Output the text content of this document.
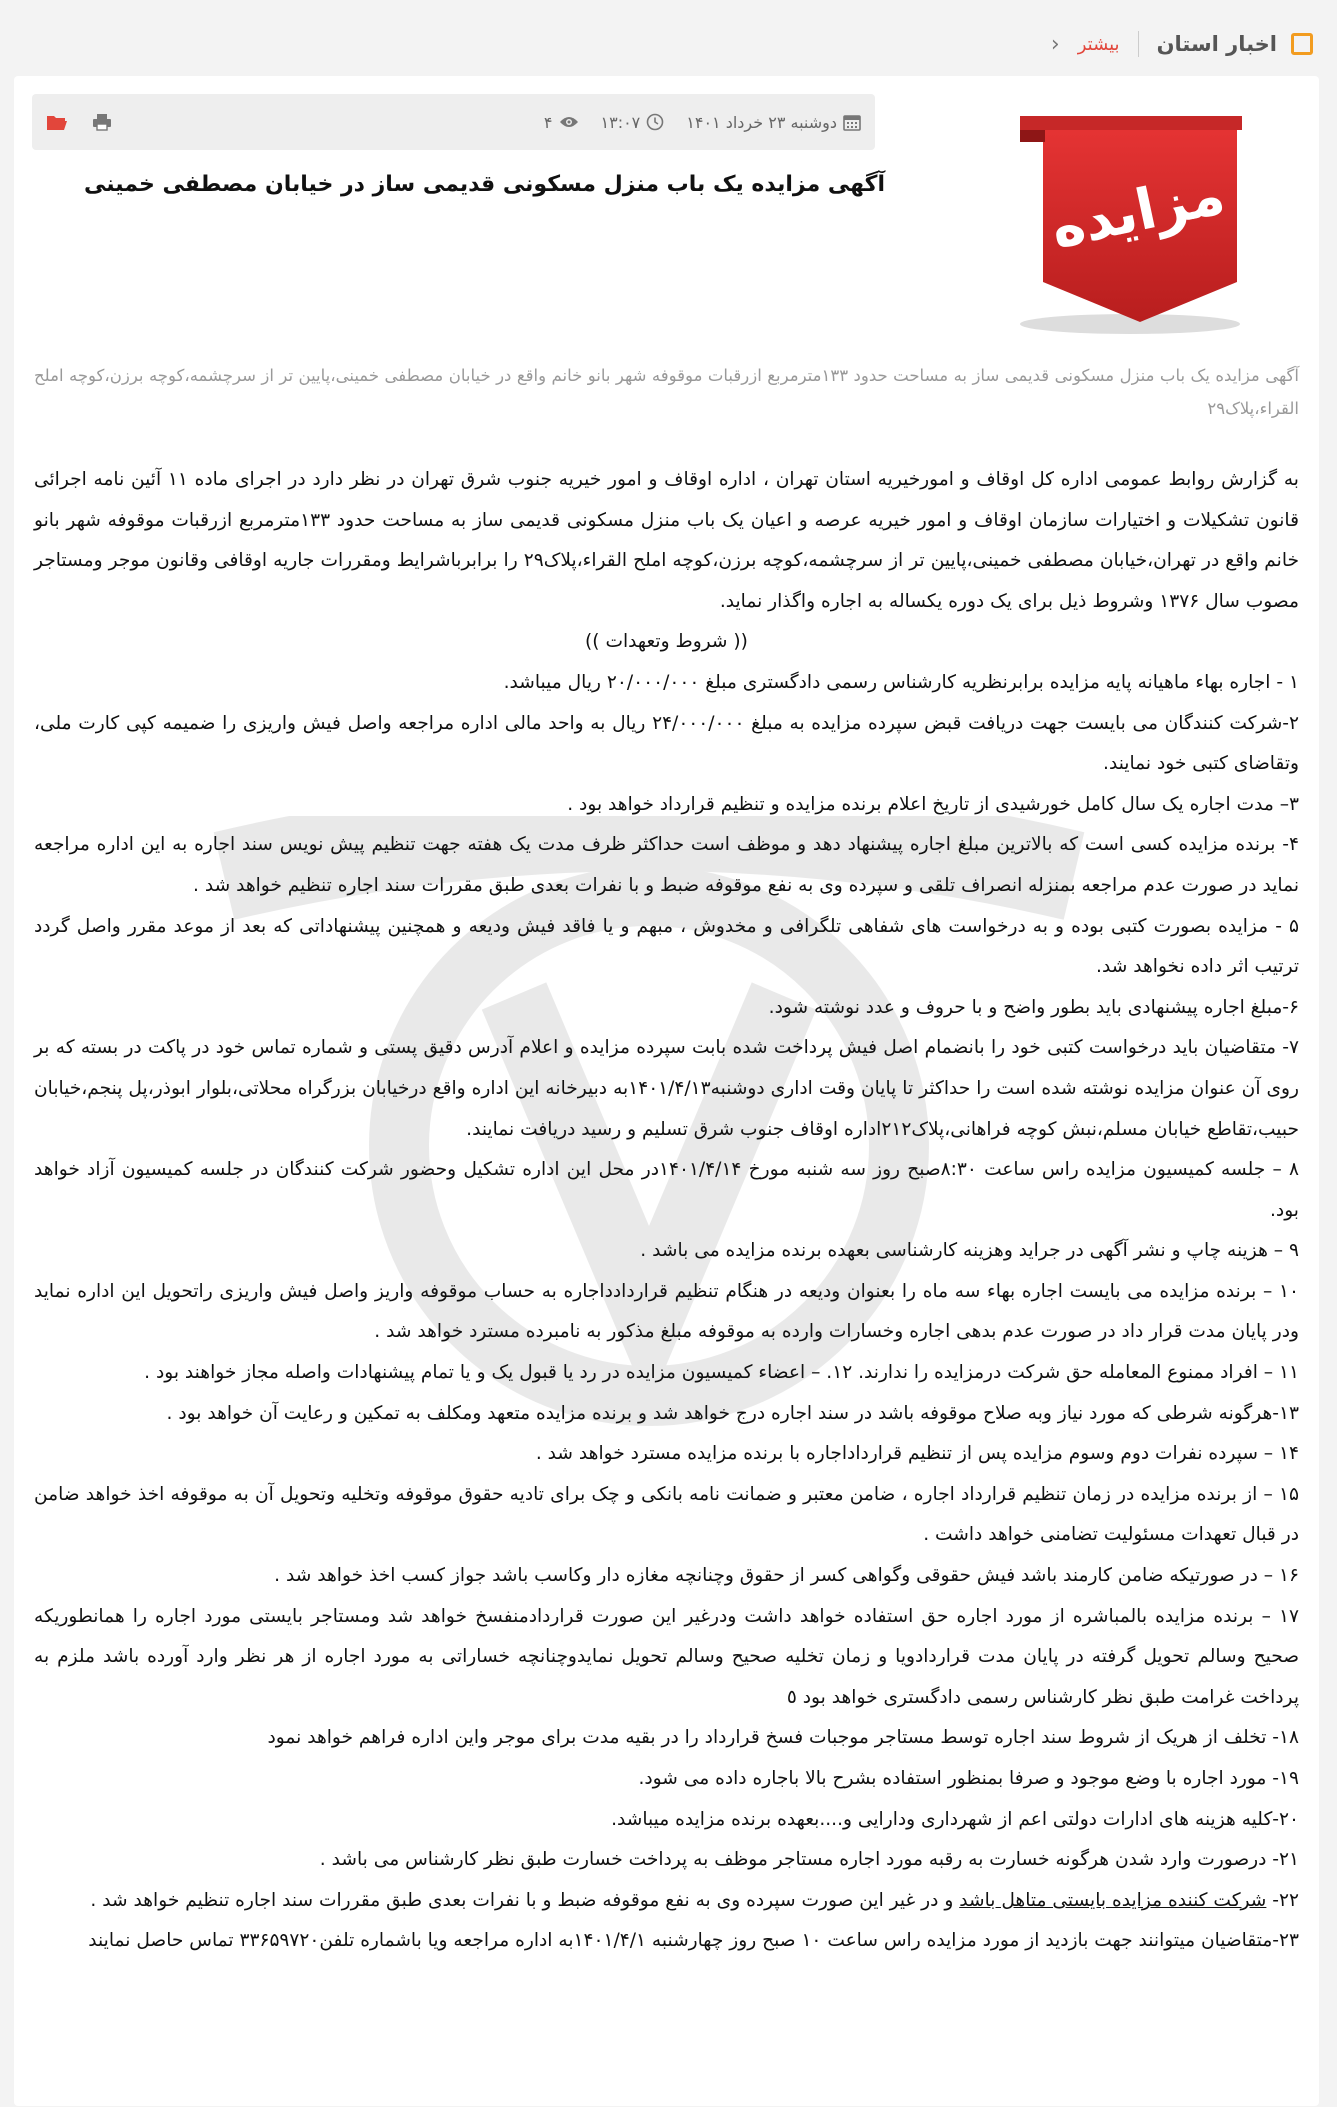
اخبار استان
بیشتر
‹
دوشنبه ۲۳ خرداد ۱۴۰۱
۱۳:۰۷
۴
مزایده
آگهی مزایده یک باب منزل مسکونی قدیمی ساز در خیابان مصطفی خمینی
آگهی مزایده یک باب منزل مسکونی قدیمی ساز به مساحت حدود ۱۳۳مترمربع ازرقبات موقوفه شهر بانو خانم واقع در خیابان مصطفی خمینی،پایین تر از سرچشمه،کوچه برزن،کوچه املح القراء،پلاک۲۹

به گزارش روابط عمومی اداره کل اوقاف و امورخیریه استان تهران ، اداره اوقاف و امور خیریه جنوب شرق تهران در نظر دارد در اجرای ماده ۱۱ آئین نامه اجرائی قانون تشکیلات و اختیارات سازمان اوقاف و امور خیریه عرصه و اعیان یک باب منزل مسکونی قدیمی ساز به مساحت حدود ۱۳۳مترمربع ازرقبات موقوفه شهر بانو خانم واقع در تهران،خیابان مصطفی خمینی،پایین تر از سرچشمه،کوچه برزن،کوچه املح القراء،پلاک۲۹ را برابرباشرایط ومقررات جاریه اوقافی وقانون موجر ومستاجر مصوب سال ۱۳۷۶ وشروط ذیل برای یک دوره یکساله به اجاره واگذار نماید.

(( شروط وتعهدات ))

۱ - اجاره بهاء ماهیانه پایه مزایده برابرنظریه کارشناس رسمی دادگستری مبلغ ۲۰/۰۰۰/۰۰۰ ریال میباشد.

۲-شرکت کنندگان می بایست جهت دریافت قبض سپرده مزایده به مبلغ ۲۴/۰۰۰/۰۰۰ ریال به واحد مالی اداره مراجعه واصل فیش واریزی را ضمیمه کپی کارت ملی، وتقاضای کتبی خود نمایند.

۳– مدت اجاره یک سال کامل خورشیدی از تاریخ اعلام برنده مزایده و تنظیم قرارداد خواهد بود .

۴- برنده مزایده کسی است که بالاترین مبلغ اجاره پیشنهاد دهد و موظف است حداکثر ظرف مدت یک هفته جهت تنظیم پیش نویس سند اجاره به این اداره مراجعه نماید در صورت عدم مراجعه بمنزله انصراف تلقی و سپرده وی به نفع موقوفه ضبط و با نفرات بعدی طبق مقررات سند اجاره تنظیم خواهد شد .

۵ - مزایده بصورت کتبی بوده و به درخواست های شفاهی تلگرافی و مخدوش ، مبهم و یا فاقد فیش ودیعه و همچنین پیشنهاداتی که بعد از موعد مقرر واصل گردد ترتیب اثر داده نخواهد شد.

۶-مبلغ اجاره پیشنهادی باید بطور واضح و با حروف و عدد نوشته شود.

۷- متقاضیان باید درخواست کتبی خود را بانضمام اصل فیش پرداخت شده بابت سپرده مزایده و اعلام آدرس دقیق پستی و شماره تماس خود در پاکت در بسته که بر روی آن عنوان مزایده نوشته شده است را حداکثر تا پایان وقت اداری دوشنبه۱۴۰۱/۴/۱۳به دبیرخانه این اداره واقع درخیابان بزرگراه محلاتی،بلوار ابوذر،پل پنجم،خیابان حبیب،تقاطع خیابان مسلم،نبش کوچه فراهانی،پلاک۲۱۲اداره اوقاف جنوب شرق تسلیم و رسید دریافت نمایند.

۸ – جلسه کمیسیون مزایده راس ساعت ۸:۳۰صبح روز سه شنبه مورخ ۱۴۰۱/۴/۱۴در محل این اداره تشکیل وحضور شرکت کنندگان در جلسه کمیسیون آزاد خواهد بود.

۹ – هزینه چاپ و نشر آگهی در جراید وهزینه کارشناسی بعهده برنده مزایده می باشد .

۱۰ – برنده مزایده می بایست اجاره بهاء سه ماه را بعنوان ودیعه در هنگام تنظیم قراردادداجاره به حساب موقوفه واریز واصل فیش واریزی راتحویل این اداره نماید ودر پایان مدت قرار داد در صورت عدم بدهی اجاره وخسارات وارده به موقوفه مبلغ مذکور به نامبرده مسترد خواهد شد .

۱۱ – افراد ممنوع المعامله حق شرکت درمزایده را ندارند. ۱۲. – اعضاء کمیسیون مزایده در رد یا قبول یک و یا تمام پیشنهادات واصله مجاز خواهند بود .

۱۳-هرگونه شرطی که مورد نیاز وبه صلاح موقوفه باشد در سند اجاره درج خواهد شد و برنده مزایده متعهد ومکلف به تمکین و رعایت آن خواهد بود .

۱۴ – سپرده نفرات دوم وسوم مزایده پس از تنظیم قرارداداجاره با برنده مزایده مسترد خواهد شد .

۱۵ – از برنده مزایده در زمان تنظیم قرارداد اجاره ، ضامن معتبر و ضمانت نامه بانکی و چک برای تادیه حقوق موقوفه وتخلیه وتحویل آن به موقوفه اخذ خواهد ضامن در قبال تعهدات مسئولیت تضامنی خواهد داشت .

۱۶ – در صورتیکه ضامن کارمند باشد فیش حقوقی وگواهی کسر از حقوق وچنانچه مغازه دار وکاسب باشد جواز کسب اخذ خواهد شد .

۱۷ – برنده مزایده بالمباشره از مورد اجاره حق استفاده خواهد داشت ودرغیر این صورت قراردادمنفسخ خواهد شد ومستاجر بایستی مورد اجاره را همانطوریکه صحیح وسالم تحویل گرفته در پایان مدت قراردادویا و زمان تخلیه صحیح وسالم تحویل نمایدوچنانچه خساراتی به مورد اجاره از هر نظر وارد آورده باشد ملزم به پرداخت غرامت طبق نظر کارشناس رسمی دادگستری خواهد بود ٥

۱۸- تخلف از هریک از شروط سند اجاره توسط مستاجر موجبات فسخ قرارداد را در بقیه مدت برای موجر واین اداره فراهم خواهد نمود

۱۹- مورد اجاره با وضع موجود و صرفا بمنظور استفاده بشرح بالا باجاره داده می شود.

۲۰-کلیه هزینه های ادارات دولتی اعم از شهرداری ودارایی و....بعهده برنده مزایده میباشد.

۲۱- درصورت وارد شدن هرگونه خسارت به رقبه مورد اجاره مستاجر موظف به پرداخت خسارت طبق نظر کارشناس می باشد .

۲۲- شرکت کننده مزایده بایستی متاهل باشد و در غیر این صورت سپرده وی به نفع موقوفه ضبط و با نفرات بعدی طبق مقررات سند اجاره تنظیم خواهد شد .

۲۳-متقاضیان میتوانند جهت بازدید از مورد مزایده راس ساعت ۱۰ صبح روز چهارشنبه ۱۴۰۱/۴/۱به اداره مراجعه ویا باشماره تلفن۳۳۶۵۹۷۲۰ تماس حاصل نمایند
